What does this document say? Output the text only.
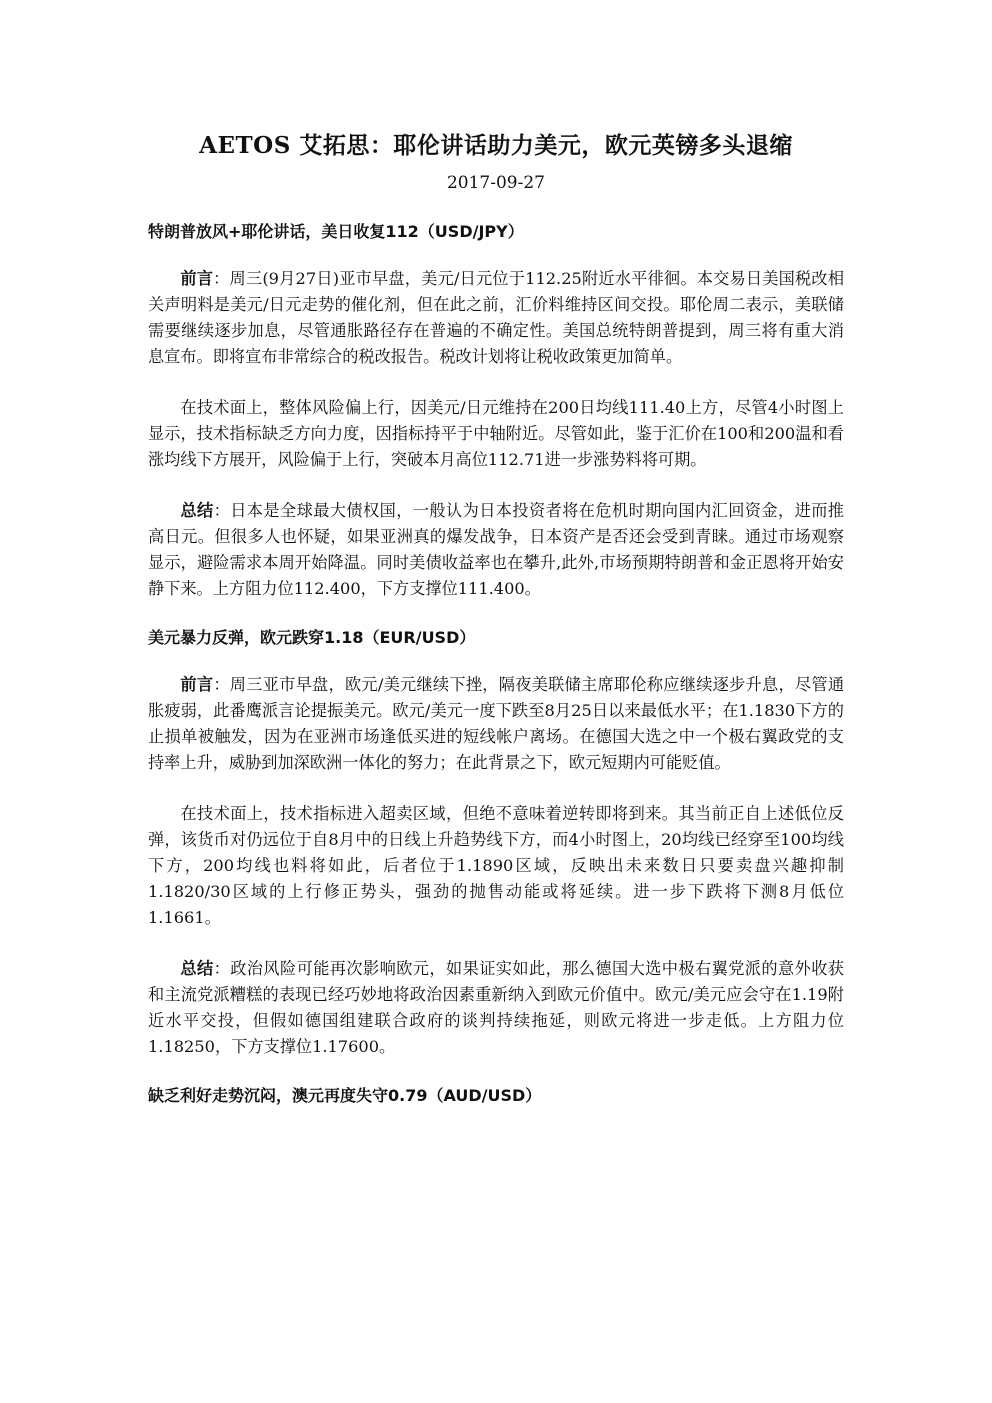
AETOS 艾拓思：耶伦讲话助力美元，欧元英镑多头退缩
2017-09-27
特朗普放风+耶伦讲话，美日收复112（USD/JPY）

前言：周三(9月27日)亚市早盘，美元/日元位于112.25附近水平徘徊。本交易日美国税改相关声明料是美元/日元走势的催化剂，但在此之前，汇价料维持区间交投。耶伦周二表示，美联储需要继续逐步加息，尽管通胀路径存在普遍的不确定性。美国总统特朗普提到，周三将有重大消息宣布。即将宣布非常综合的税改报告。税改计划将让税收政策更加简单。

在技术面上，整体风险偏上行，因美元/日元维持在200日均线111.40上方，尽管4小时图上显示，技术指标缺乏方向力度，因指标持平于中轴附近。尽管如此，鉴于汇价在100和200温和看涨均线下方展开，风险偏于上行，突破本月高位112.71进一步涨势料将可期。

总结：日本是全球最大债权国，一般认为日本投资者将在危机时期向国内汇回资金，进而推高日元。但很多人也怀疑，如果亚洲真的爆发战争，日本资产是否还会受到青睐。通过市场观察显示，避险需求本周开始降温。同时美债收益率也在攀升,此外,市场预期特朗普和金正恩将开始安静下来。上方阻力位112.400，下方支撑位111.400。

美元暴力反弹，欧元跌穿1.18（EUR/USD）

前言：周三亚市早盘，欧元/美元继续下挫，隔夜美联储主席耶伦称应继续逐步升息，尽管通胀疲弱，此番鹰派言论提振美元。欧元/美元一度下跌至8月25日以来最低水平；在1.1830下方的止损单被触发，因为在亚洲市场逢低买进的短线帐户离场。在德国大选之中一个极右翼政党的支持率上升，威胁到加深欧洲一体化的努力；在此背景之下，欧元短期内可能贬值。

在技术面上，技术指标进入超卖区域，但绝不意味着逆转即将到来。其当前正自上述低位反弹，该货币对仍远位于自8月中的日线上升趋势线下方，而4小时图上，20均线已经穿至100均线下方，200均线也料将如此，后者位于1.1890区域，反映出未来数日只要卖盘兴趣抑制1.1820/30区域的上行修正势头，强劲的抛售动能或将延续。进一步下跌将下测8月低位1.1661。

总结：政治风险可能再次影响欧元，如果证实如此，那么德国大选中极右翼党派的意外收获和主流党派糟糕的表现已经巧妙地将政治因素重新纳入到欧元价值中。欧元/美元应会守在1.19附近水平交投，但假如德国组建联合政府的谈判持续拖延，则欧元将进一步走低。上方阻力位1.18250，下方支撑位1.17600。

缺乏利好走势沉闷，澳元再度失守0.79（AUD/USD）
